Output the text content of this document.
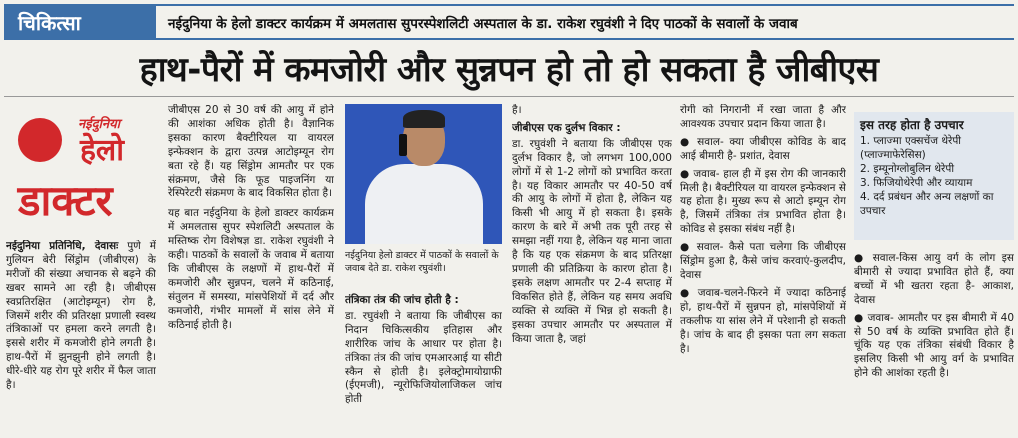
चिकित्सा	नईदुनिया के हेलो डाक्टर कार्यक्रम में अमलतास सुपरस्पेशलिटी अस्पताल के डा. राकेश रघुवंशी ने दिए पाठकों के सवालों के जवाब
हाथ-पैरों में कमजोरी और सुन्नपन हो तो हो सकता है जीबीएस
नईदुनिया
हेलो
डाक्टर

नईदुनिया प्रतिनिधि, देवासः पुणे में गुलियन बेरी सिंड्रोम (जीबीएस) के मरीजों की संख्या अचानक से बढ़ने की खबर सामने आ रही है। जीबीएस स्वप्रतिरक्षित (आटोइम्यून) रोग है, जिसमें शरीर की प्रतिरक्षा प्रणाली स्वस्थ तंत्रिकाओं पर हमला करने लगती है। इससे शरीर में कमजोरी होने लगती है। हाथ-पैरों में झुनझुनी होने लगती है। धीरे-धीरे यह रोग पूरे शरीर में फैल जाता है।

जीबीएस 20 से 30 वर्ष की आयु में होने की आशंका अधिक होती है। वैज्ञानिक इसका कारण बैक्टीरियल या वायरल इन्फेक्शन के द्वारा उत्पन्न आटोइम्यून रोग बता रहे हैं। यह सिंड्रोम आमतौर पर एक संक्रमण, जैसे कि फूड पाइजनिंग या रेस्पिरेटरी संक्रमण के बाद विकसित होता है।

यह बात नईदुनिया के हेलो डाक्टर कार्यक्रम में अमलतास सुपर स्पेशलिटी अस्पताल के मस्तिष्क रोग विशेषज्ञ डा. राकेश रघुवंशी ने कही। पाठकों के सवालों के जवाब में बताया कि जीबीएस के लक्षणों में हाथ-पैरों में कमजोरी और सुन्नपन, चलने में कठिनाई, संतुलन में समस्या, मांसपेशियों में दर्द और कमजोरी, गंभीर मामलों में सांस लेने में कठिनाई होती है।

नईदुनिया हेलो डाक्टर में पाठकों के सवालों के जवाब देते डा. राकेश रघुवंशी।
तंत्रिका तंत्र की जांच होती है :

डा. रघुवंशी ने बताया कि जीबीएस का निदान चिकित्सकीय इतिहास और शारीरिक जांच के आधार पर होता है। तंत्रिका तंत्र की जांच एमआरआई या सीटी स्कैन से होती है। इलेक्ट्रोमायोग्राफी (ईएमजी), न्यूरोफिजियोलाजिकल जांच होती

है।

जीबीएस एक दुर्लभ विकार :

डा. रघुवंशी ने बताया कि जीबीएस एक दुर्लभ विकार है, जो लगभग 100,000 लोगों में से 1-2 लोगों को प्रभावित करता है। यह विकार आमतौर पर 40-50 वर्ष की आयु के लोगों में होता है, लेकिन यह किसी भी आयु में हो सकता है। इसके कारण के बारे में अभी तक पूरी तरह से समझा नहीं गया है, लेकिन यह माना जाता है कि यह एक संक्रमण के बाद प्रतिरक्षा प्रणाली की प्रतिक्रिया के कारण होता है। इसके लक्षण आमतौर पर 2-4 सप्ताह में विकसित होते हैं, लेकिन यह समय अवधि व्यक्ति से व्यक्ति में भिन्न हो सकती है। इसका उपचार आमतौर पर अस्पताल में किया जाता है, जहां

रोगी को निगरानी में रखा जाता है और आवश्यक उपचार प्रदान किया जाता है।

● सवाल- क्या जीबीएस कोविड के बाद आई बीमारी है- प्रशांत, देवास

● जवाब- हाल ही में इस रोग की जानकारी मिली है। बैक्टीरियल या वायरल इन्फेक्शन से यह होता है। मुख्य रूप से आटो इम्यून रोग है, जिसमें तंत्रिका तंत्र प्रभावित होता है। कोविड से इसका संबंध नहीं है।

● सवाल- कैसे पता चलेगा कि जीबीएस सिंड्रोम हुआ है, कैसे जांच करवाएं-कुलदीप, देवास

● जवाब-चलने-फिरने में ज्यादा कठिनाई हो, हाथ-पैरों में सुन्नपन हो, मांसपेशियों में तकलीफ या सांस लेने में परेशानी हो सकती है। जांच के बाद ही इसका पता लग सकता है।

इस तरह होता है उपचार
1. प्लाज्मा एक्सचेंज थेरेपी (प्लाज्माफेरेसिस)
2. इम्यूनोग्लोबुलिन थेरेपी
3. फिजियोथेरेपी और व्यायाम
4. दर्द प्रबंधन और अन्य लक्षणों का उपचार

● सवाल-किस आयु वर्ग के लोग इस बीमारी से ज्यादा प्रभावित होते हैं, क्या बच्चों में भी खतरा रहता है- आकाश, देवास

● जवाब- आमतौर पर इस बीमारी में 40 से 50 वर्ष के व्यक्ति प्रभावित होते हैं। चूंकि यह एक तंत्रिका संबंधी विकार है इसलिए किसी भी आयु वर्ग के प्रभावित होने की आशंका रहती है।
